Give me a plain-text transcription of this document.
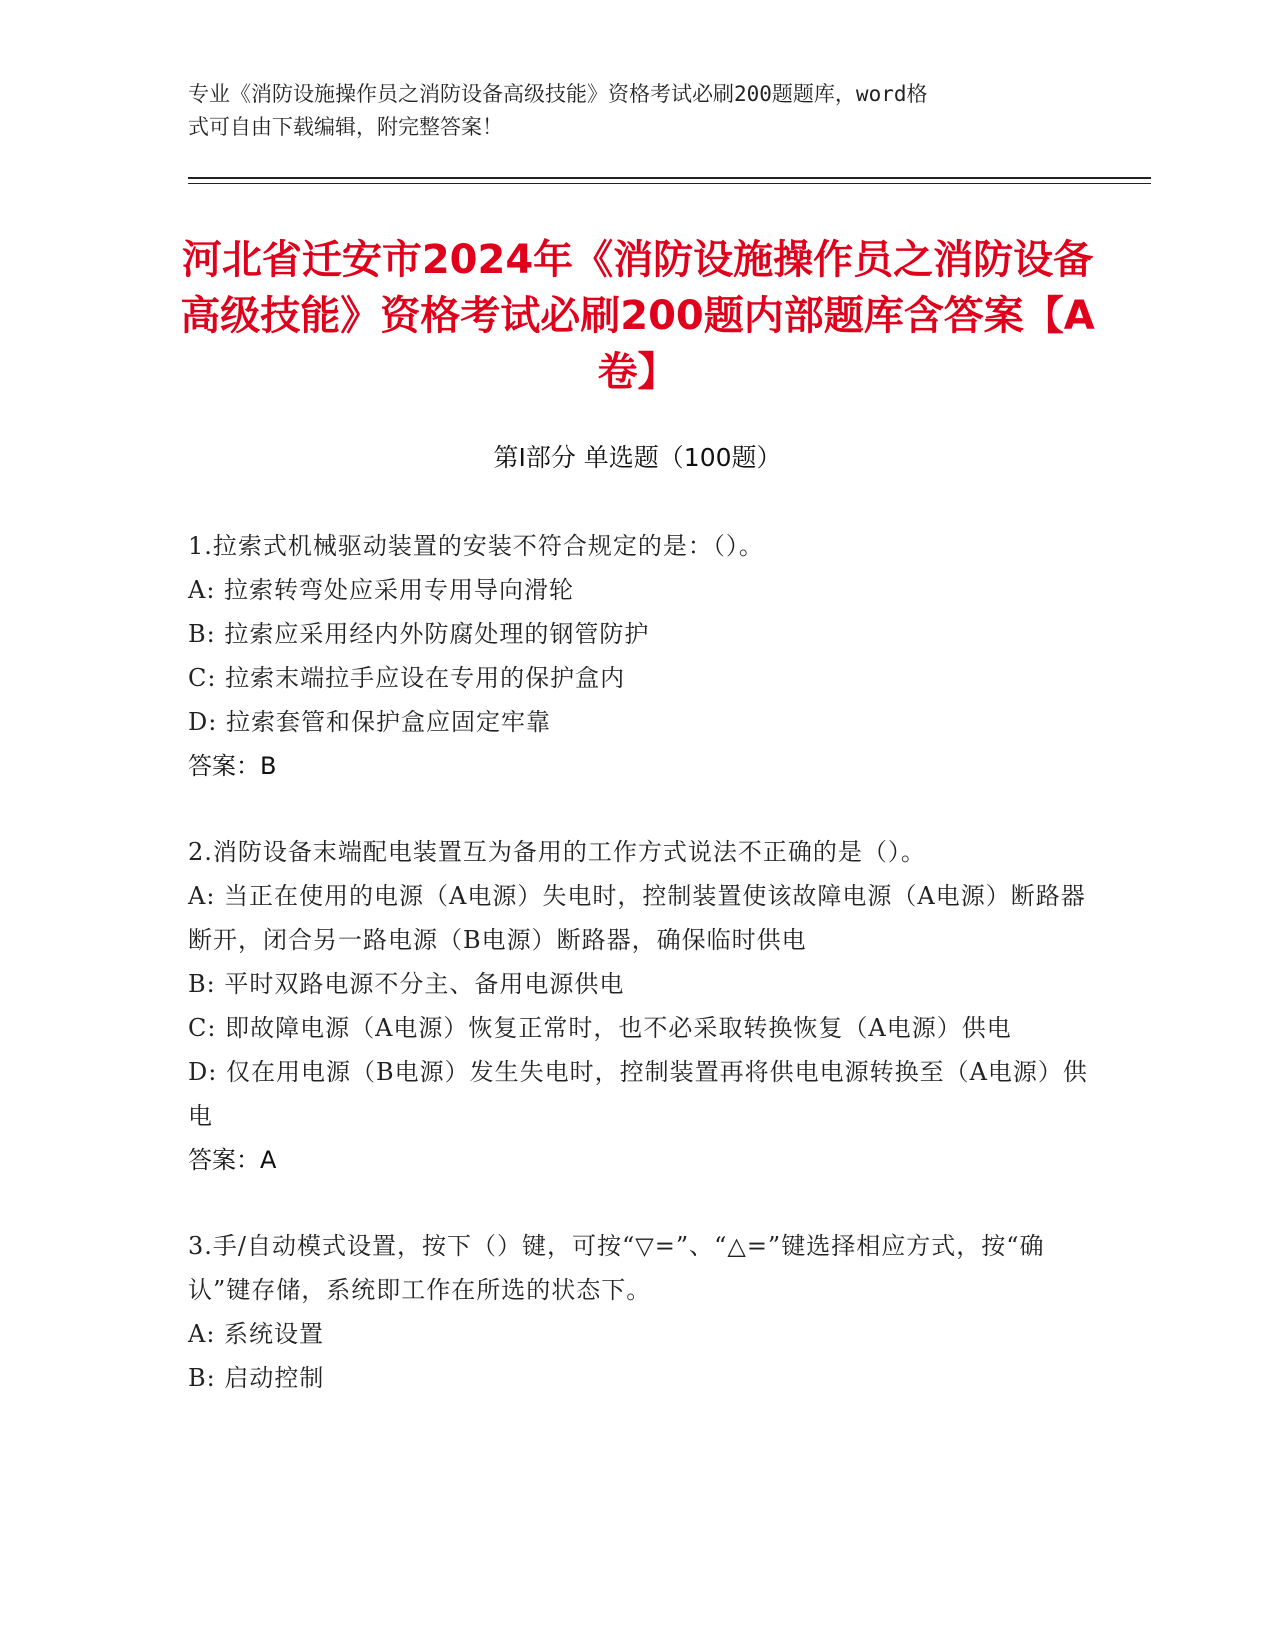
专业《消防设施操作员之消防设备高级技能》资格考试必刷200题题库，word格
式可自由下载编辑，附完整答案！
河北省迁安市2024年《消防设施操作员之消防设备高级技能》资格考试必刷200题内部题库含答案【A卷】
第I部分 单选题（100题）
1.拉索式机械驱动装置的安装不符合规定的是：（）。
A: 拉索转弯处应采用专用导向滑轮
B: 拉索应采用经内外防腐处理的钢管防护
C: 拉索末端拉手应设在专用的保护盒内
D: 拉索套管和保护盒应固定牢靠
答案：B
2.消防设备末端配电装置互为备用的工作方式说法不正确的是（）。
A: 当正在使用的电源（A电源）失电时，控制装置使该故障电源（A电源）断路器断开，闭合另一路电源（B电源）断路器，确保临时供电
B: 平时双路电源不分主、备用电源供电
C: 即故障电源（A电源）恢复正常时，也不必采取转换恢复（A电源）供电
D: 仅在用电源（B电源）发生失电时，控制装置再将供电电源转换至（A电源）供电
答案：A
3.手/自动模式设置，按下（）键，可按“▽=”、“△=”键选择相应方式，按“确认”键存储，系统即工作在所选的状态下。
A: 系统设置
B: 启动控制
